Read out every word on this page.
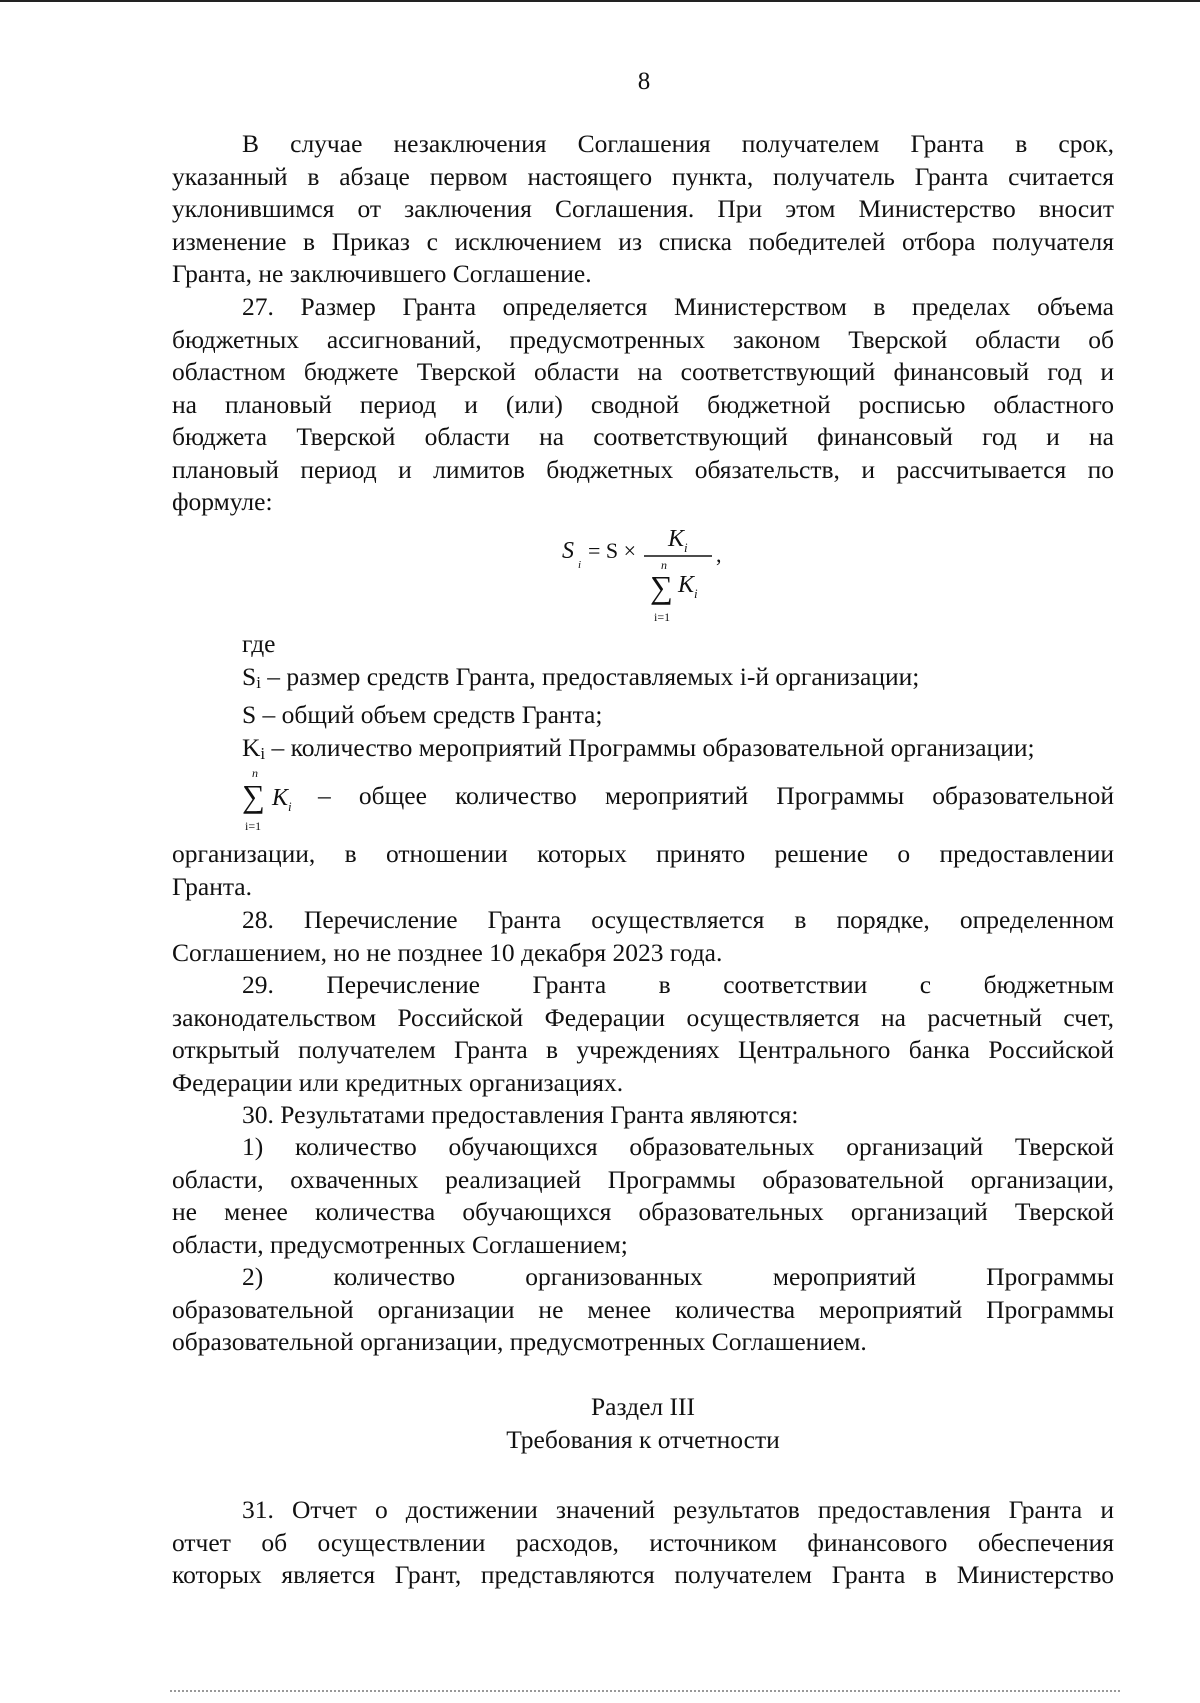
8
В случае незаключения Соглашения получателем Гранта в срок,
указанный в абзаце первом настоящего пункта, получатель Гранта считается
уклонившимся от заключения Соглашения. При этом Министерство вносит
изменение в Приказ с исключением из списка победителей отбора получателя
Гранта, не заключившего Соглашение.
27. Размер Гранта определяется Министерством в пределах объема
бюджетных ассигнований, предусмотренных законом Тверской области об
областном бюджете Тверской области на соответствующий финансовый год и
на плановый период и (или) сводной бюджетной росписью областного
бюджета Тверской области на соответствующий финансовый год и на
плановый период и лимитов бюджетных обязательств, и рассчитывается по
формуле:
S
i
= S × K i
n
∑
i=1
K i
,
где
$S_i$ – размер средств Гранта, предоставляемых i-й организации;
S – общий объем средств Гранта;
$K_i$ – количество мероприятий Программы образовательной организации;
n
∑
i=1
K i – общее количество мероприятий Программы образовательной
организации, в отношении которых принято решение о предоставлении
Гранта.
28. Перечисление Гранта осуществляется в порядке, определенном
Соглашением, но не позднее 10 декабря 2023 года.
29. Перечисление Гранта в соответствии с бюджетным
законодательством Российской Федерации осуществляется на расчетный счет,
открытый получателем Гранта в учреждениях Центрального банка Российской
Федерации или кредитных организациях.
30. Результатами предоставления Гранта являются:
1) количество обучающихся образовательных организаций Тверской
области, охваченных реализацией Программы образовательной организации,
не менее количества обучающихся образовательных организаций Тверской
области, предусмотренных Соглашением;
2) количество организованных мероприятий Программы
образовательной организации не менее количества мероприятий Программы
образовательной организации, предусмотренных Соглашением.
Раздел III
Требования к отчетности
31. Отчет о достижении значений результатов предоставления Гранта и
отчет об осуществлении расходов, источником финансового обеспечения
которых является Грант, представляются получателем Гранта в Министерство
